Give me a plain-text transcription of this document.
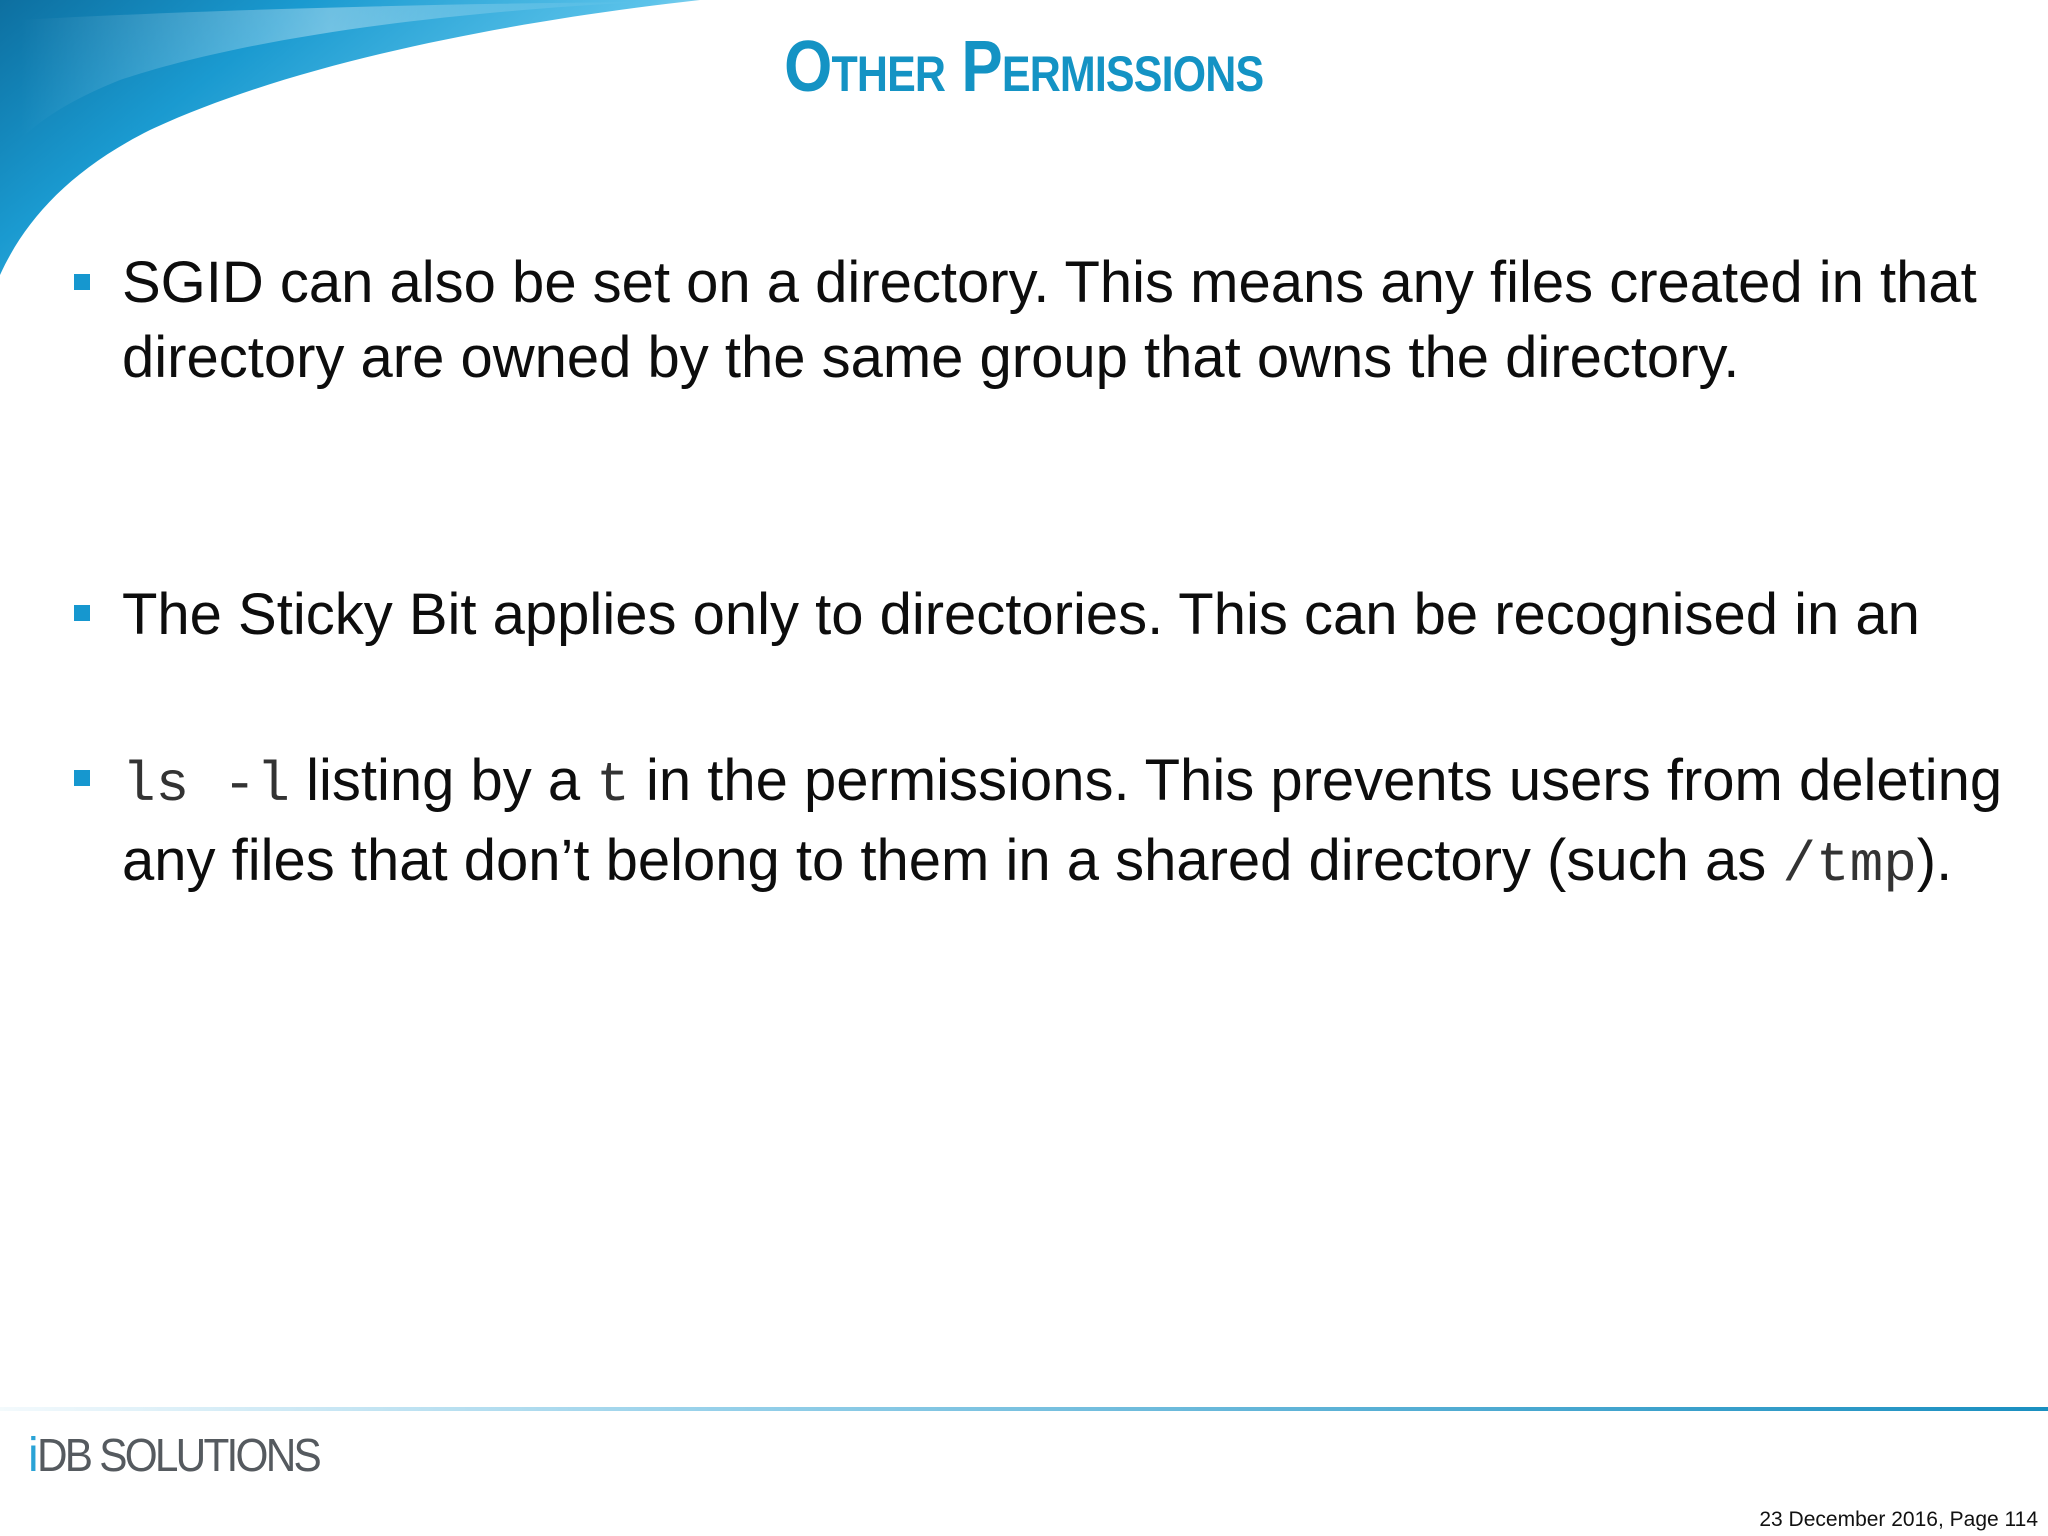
Other Permissions
SGID can also be set on a directory. This means any files created in that directory are owned by the same group that owns the directory.
The Sticky Bit applies only to directories. This can be recognised in an
ls -l listing by a t in the permissions. This prevents users from deleting any files that don’t belong to them in a shared directory (such as /tmp).
i DB SOLUTIONS
23 December 2016, Page 114
